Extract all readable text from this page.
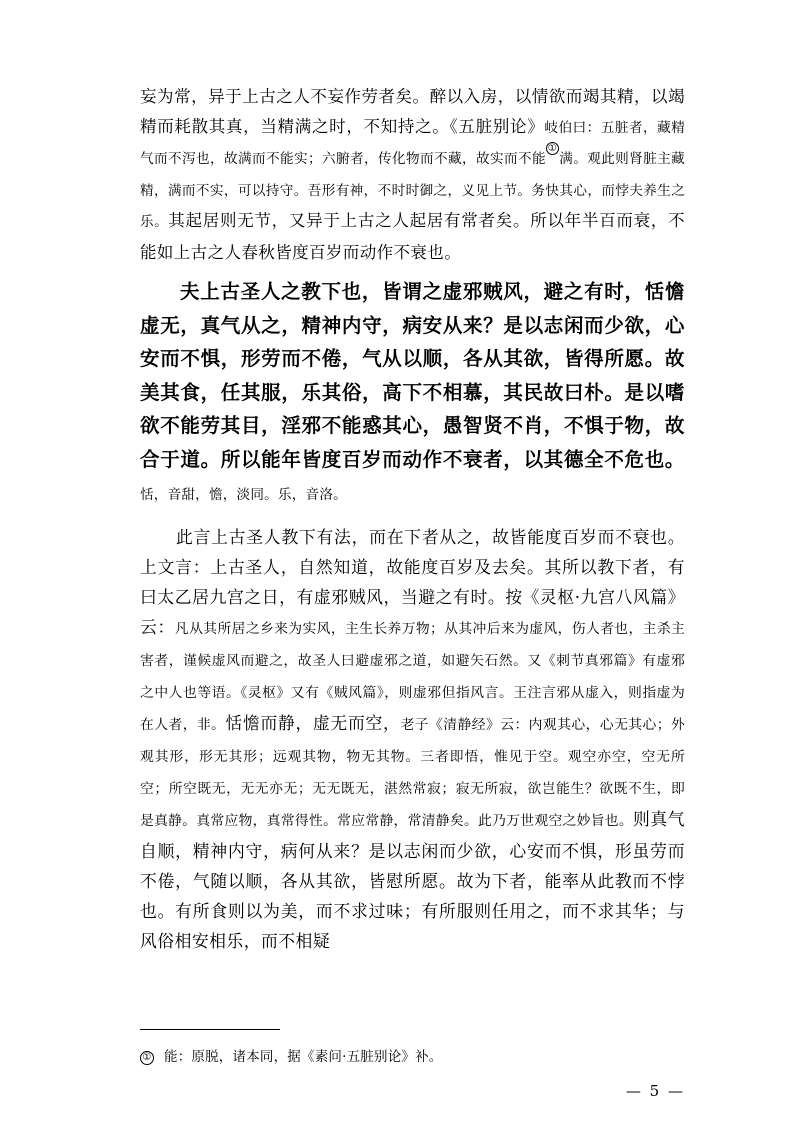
妄为常，异于上古之人不妄作劳者矣。醉以入房，以情欲而竭其精，以竭精而耗散其真，当精满之时，不知持之。《五脏别论》岐伯曰：五脏者，藏精气而不泻也，故满而不能实；六腑者，传化物而不藏，故实而不能①满。观此则肾脏主藏精，满而不实，可以持守。吾形有神，不时时御之，义见上节。务快其心，而悖夫养生之乐。其起居则无节，又异于上古之人起居有常者矣。所以年半百而衰，不能如上古之人春秋皆度百岁而动作不衰也。

夫上古圣人之教下也，皆谓之虚邪贼风，避之有时，恬憺虚无，真气从之，精神内守，病安从来？是以志闲而少欲，心安而不惧，形劳而不倦，气从以顺，各从其欲，皆得所愿。故美其食，任其服，乐其俗，高下不相慕，其民故曰朴。是以嗜欲不能劳其目，淫邪不能惑其心，愚智贤不肖，不惧于物，故合于道。所以能年皆度百岁而动作不衰者，以其德全不危也。恬，音甜，憺，淡同。乐，音洛。

此言上古圣人教下有法，而在下者从之，故皆能度百岁而不衰也。上文言：上古圣人，自然知道，故能度百岁及去矣。其所以教下者，有曰太乙居九宫之日，有虚邪贼风，当避之有时。按《灵枢·九宫八风篇》云：凡从其所居之乡来为实风，主生长养万物；从其冲后来为虚风，伤人者也，主杀主害者，谨候虚风而避之，故圣人曰避虚邪之道，如避矢石然。又《刺节真邪篇》有虚邪之中人也等语。《灵枢》又有《贼风篇》，则虚邪但指风言。王注言邪从虚入，则指虚为在人者，非。恬憺而静，虚无而空，老子《清静经》云：内观其心，心无其心；外观其形，形无其形；远观其物，物无其物。三者即悟，惟见于空。观空亦空，空无所空；所空既无，无无亦无；无无既无，湛然常寂；寂无所寂，欲岂能生？欲既不生，即是真静。真常应物，真常得性。常应常静，常清静矣。此乃万世观空之妙旨也。则真气自顺，精神内守，病何从来？是以志闲而少欲，心安而不惧，形虽劳而不倦，气随以顺，各从其欲，皆慰所愿。故为下者，能率从此教而不悖也。有所食则以为美，而不求过味；有所服则任用之，而不求其华；与风俗相安相乐，而不相疑

① 能：原脱，诸本同，据《素问·五脏别论》补。
— 5 —
